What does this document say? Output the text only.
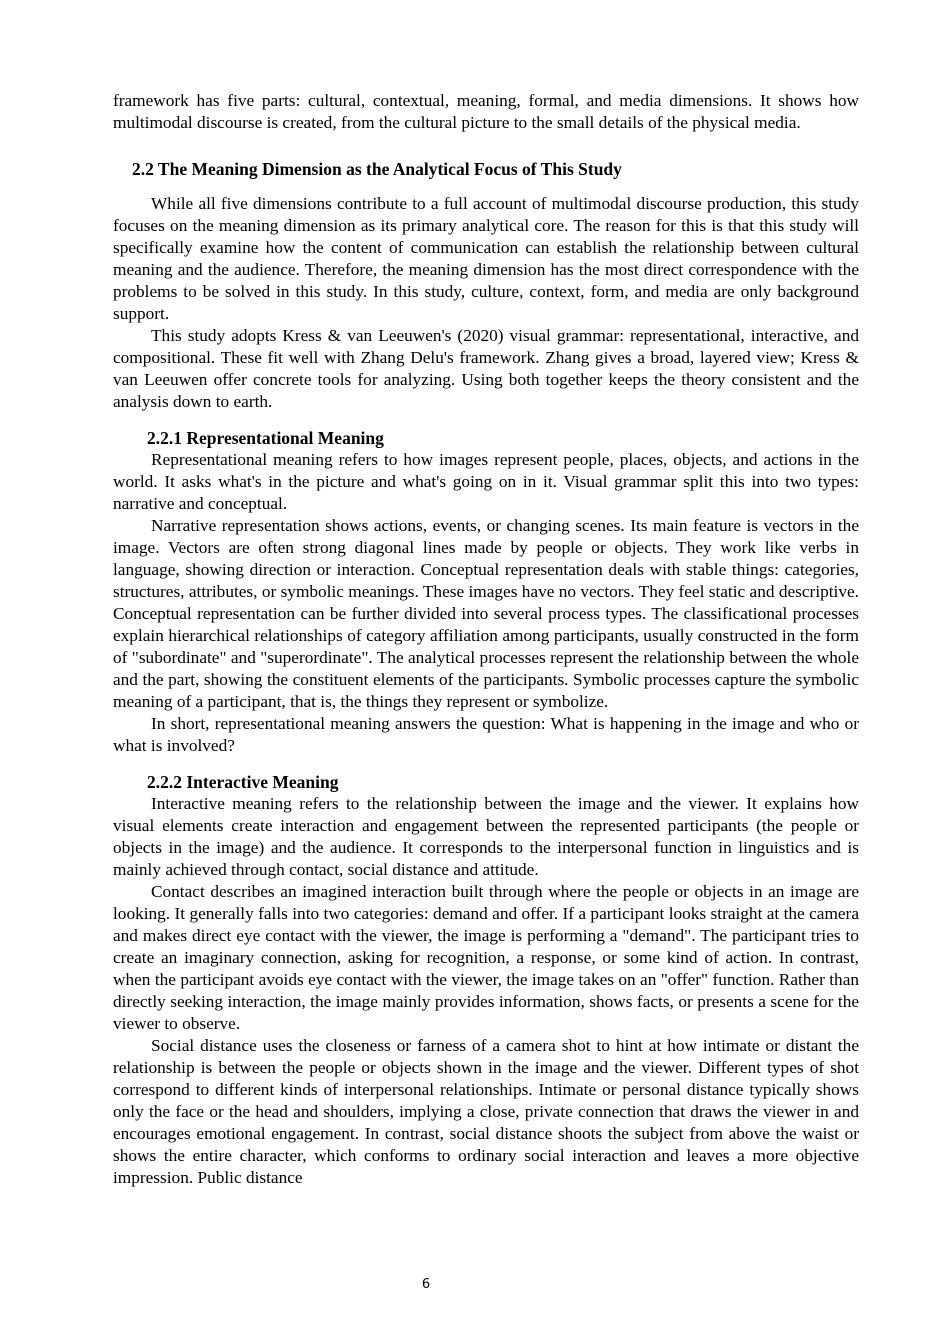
framework has five parts: cultural, contextual, meaning, formal, and media dimensions. It shows how multimodal discourse is created, from the cultural picture to the small details of the physical media.

2.2 The Meaning Dimension as the Analytical Focus of This Study

While all five dimensions contribute to a full account of multimodal discourse production, this study focuses on the meaning dimension as its primary analytical core. The reason for this is that this study will specifically examine how the content of communication can establish the relationship between cultural meaning and the audience. Therefore, the meaning dimension has the most direct correspondence with the problems to be solved in this study. In this study, culture, context, form, and media are only background support.

This study adopts Kress & van Leeuwen's (2020) visual grammar: representational, interactive, and compositional. These fit well with Zhang Delu's framework. Zhang gives a broad, layered view; Kress & van Leeuwen offer concrete tools for analyzing. Using both together keeps the theory consistent and the analysis down to earth.

2.2.1 Representational Meaning

Representational meaning refers to how images represent people, places, objects, and actions in the world. It asks what's in the picture and what's going on in it. Visual grammar split this into two types: narrative and conceptual.

Narrative representation shows actions, events, or changing scenes. Its main feature is vectors in the image. Vectors are often strong diagonal lines made by people or objects. They work like verbs in language, showing direction or interaction. Conceptual representation deals with stable things: categories, structures, attributes, or symbolic meanings. These images have no vectors. They feel static and descriptive. Conceptual representation can be further divided into several process types. The classificational processes explain hierarchical relationships of category affiliation among participants, usually constructed in the form of "subordinate" and "superordinate". The analytical processes represent the relationship between the whole and the part, showing the constituent elements of the participants. Symbolic processes capture the symbolic meaning of a participant, that is, the things they represent or symbolize.

In short, representational meaning answers the question: What is happening in the image and who or what is involved?

2.2.2 Interactive Meaning

Interactive meaning refers to the relationship between the image and the viewer. It explains how visual elements create interaction and engagement between the represented participants (the people or objects in the image) and the audience. It corresponds to the interpersonal function in linguistics and is mainly achieved through contact, social distance and attitude.

Contact describes an imagined interaction built through where the people or objects in an image are looking. It generally falls into two categories: demand and offer. If a participant looks straight at the camera and makes direct eye contact with the viewer, the image is performing a "demand". The participant tries to create an imaginary connection, asking for recognition, a response, or some kind of action. In contrast, when the participant avoids eye contact with the viewer, the image takes on an "offer" function. Rather than directly seeking interaction, the image mainly provides information, shows facts, or presents a scene for the viewer to observe.

Social distance uses the closeness or farness of a camera shot to hint at how intimate or distant the relationship is between the people or objects shown in the image and the viewer. Different types of shot correspond to different kinds of interpersonal relationships. Intimate or personal distance typically shows only the face or the head and shoulders, implying a close, private connection that draws the viewer in and encourages emotional engagement. In contrast, social distance shoots the subject from above the waist or shows the entire character, which conforms to ordinary social interaction and leaves a more objective impression. Public distance

6
